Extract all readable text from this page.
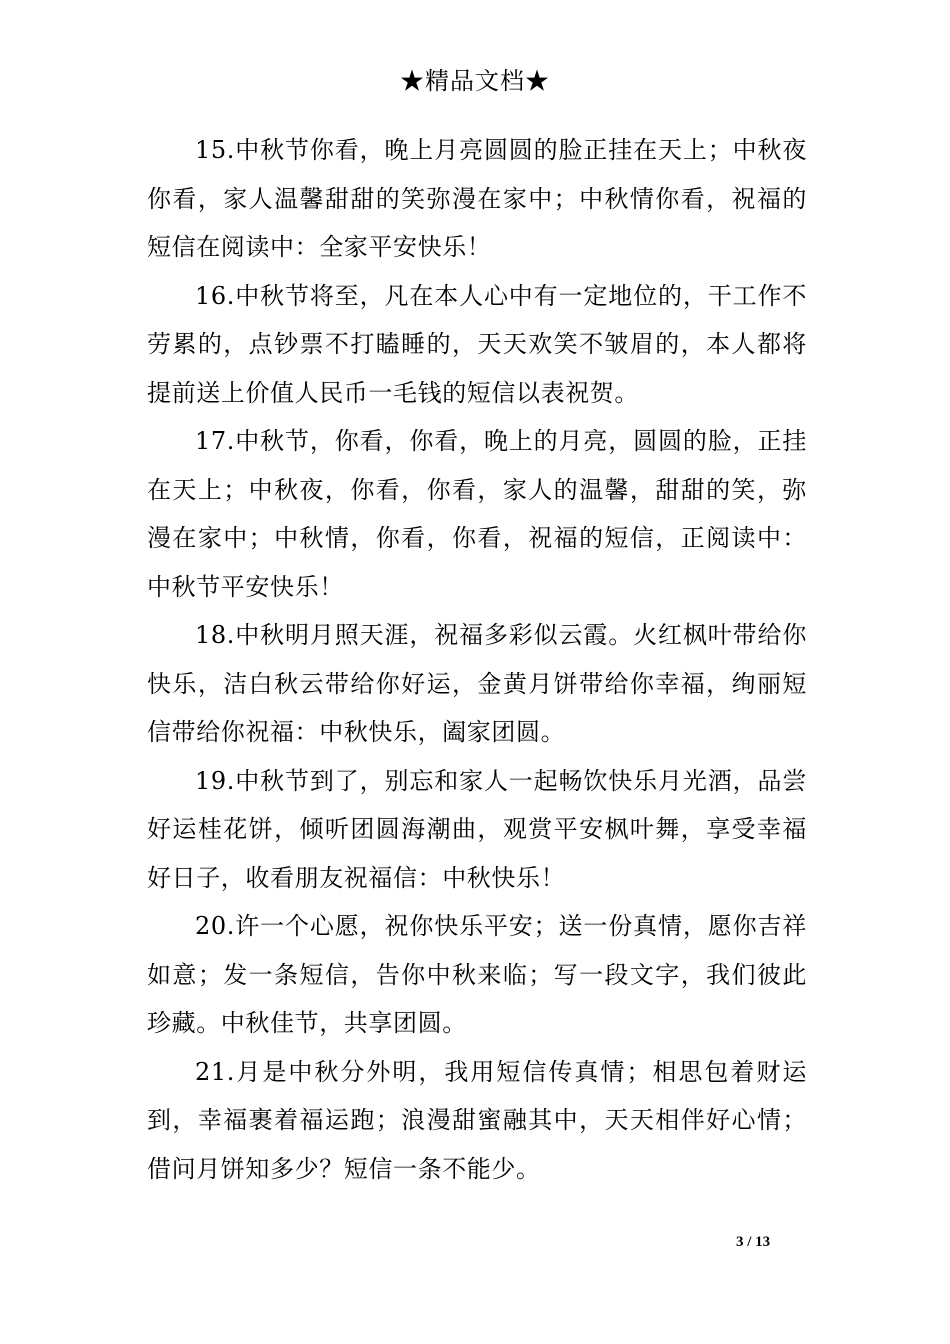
★精品文档★

15.中秋节你看，晚上月亮圆圆的脸正挂在天上；中秋夜你看，家人温馨甜甜的笑弥漫在家中；中秋情你看，祝福的短信在阅读中：全家平安快乐！

16.中秋节将至，凡在本人心中有一定地位的，干工作不劳累的，点钞票不打瞌睡的，天天欢笑不皱眉的，本人都将提前送上价值人民币一毛钱的短信以表祝贺。

17.中秋节，你看，你看，晚上的月亮，圆圆的脸，正挂在天上；中秋夜，你看，你看，家人的温馨，甜甜的笑，弥漫在家中；中秋情，你看，你看，祝福的短信，正阅读中：中秋节平安快乐！

18.中秋明月照天涯，祝福多彩似云霞。火红枫叶带给你快乐，洁白秋云带给你好运，金黄月饼带给你幸福，绚丽短信带给你祝福：中秋快乐，阖家团圆。

19.中秋节到了，别忘和家人一起畅饮快乐月光酒，品尝好运桂花饼，倾听团圆海潮曲，观赏平安枫叶舞，享受幸福好日子，收看朋友祝福信：中秋快乐！

20.许一个心愿，祝你快乐平安；送一份真情，愿你吉祥如意；发一条短信，告你中秋来临；写一段文字，我们彼此珍藏。中秋佳节，共享团圆。

21.月是中秋分外明，我用短信传真情；相思包着财运到，幸福裹着福运跑；浪漫甜蜜融其中，天天相伴好心情；借问月饼知多少？短信一条不能少。

3 / 13
